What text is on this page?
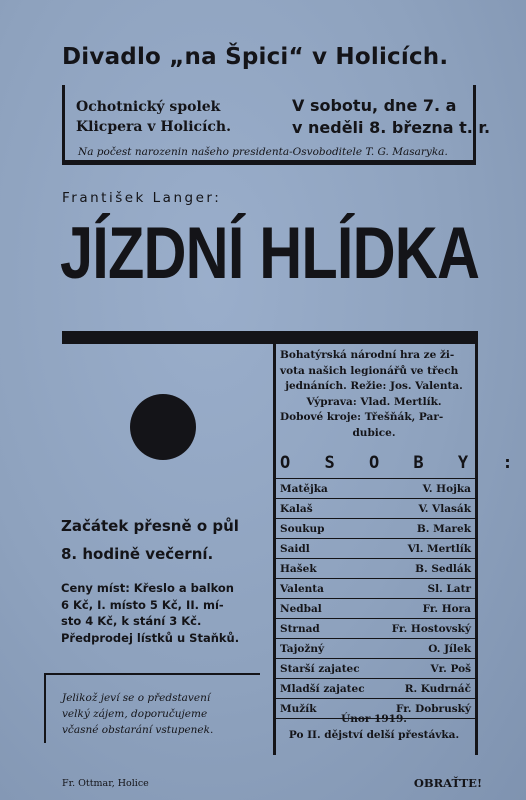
Divadlo „na Špici“ v Holicích.
Ochotnický spolek
Klicpera v Holicích.
V sobotu, dne 7. a
v neděli 8. března t. r.
Na počest narozenin našeho presidenta-Osvoboditele T. G. Masaryka.
František Langer:
JÍZDNÍ HLÍDKA
Bohatýrská národní hra ze ži-
vota našich legionářů ve třech
jednáních. Režie: Jos. Valenta.
Výprava: Vlad. Mertlík.
Dobové kroje: Třešňák, Par-
dubice.
O S O B Y :
Matějka	V. Hojka
Kalaš	V. Vlasák
Soukup	B. Marek
Saidl	Vl. Mertlík
Hašek	B. Sedlák
Valenta	Sl. Latr
Nedbal	Fr. Hora
Strnad	Fr. Hostovský
Tajožný	O. Jílek
Starší zajatec	Vr. Poš
Mladší zajatec	R. Kudrnáč
Mužík	Fr. Dobruský
Únor 1919.
Po II. dějství delší přestávka.
Začátek přesně o půl
8. hodině večerní.
Ceny míst: Křeslo a balkon
6 Kč, I. místo 5 Kč, II. mí-
sto 4 Kč, k stání 3 Kč.
Předprodej lístků u Staňků.
Jelikož jeví se o představení
velký zájem, doporučujeme
včasné obstarání vstupenek.
Fr. Ottmar, Holice	OBRAŤTE!
